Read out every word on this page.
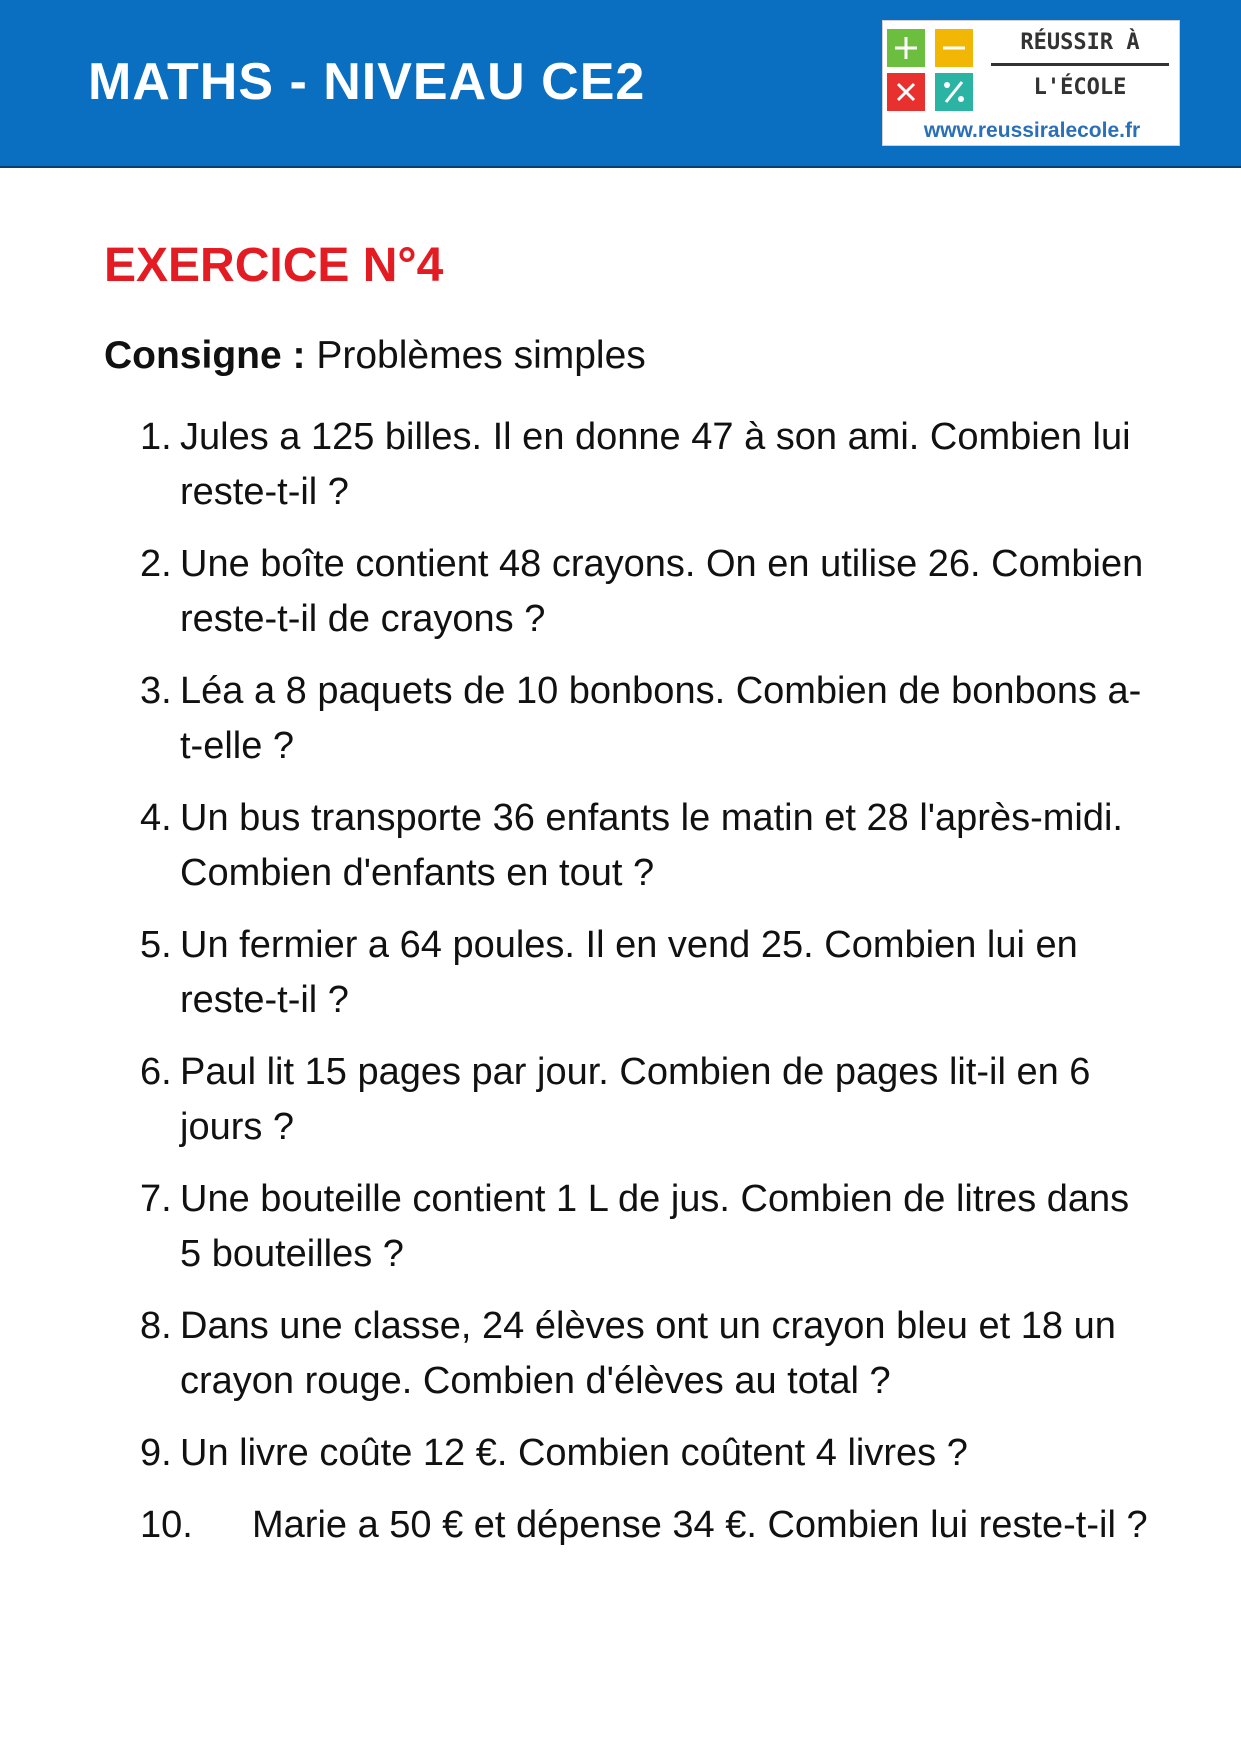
MATHS - NIVEAU CE2
RÉUSSIR À
L'ÉCOLE
www.reussiralecole.fr
EXERCICE N°4
Consigne : Problèmes simples
1. Jules a 125 billes. Il en donne 47 à son ami. Combien lui reste-t-il ?
2. Une boîte contient 48 crayons. On en utilise 26. Combien reste-t-il de crayons ?
3. Léa a 8 paquets de 10 bonbons. Combien de bonbons a-t-elle ?
4. Un bus transporte 36 enfants le matin et 28 l'après-midi. Combien d'enfants en tout ?
5. Un fermier a 64 poules. Il en vend 25. Combien lui en reste-t-il ?
6. Paul lit 15 pages par jour. Combien de pages lit-il en 6 jours ?
7. Une bouteille contient 1 L de jus. Combien de litres dans 5 bouteilles ?
8. Dans une classe, 24 élèves ont un crayon bleu et 18 un crayon rouge. Combien d'élèves au total ?
9. Un livre coûte 12 €. Combien coûtent 4 livres ?
10. Marie a 50 € et dépense 34 €. Combien lui reste-t-il ?
